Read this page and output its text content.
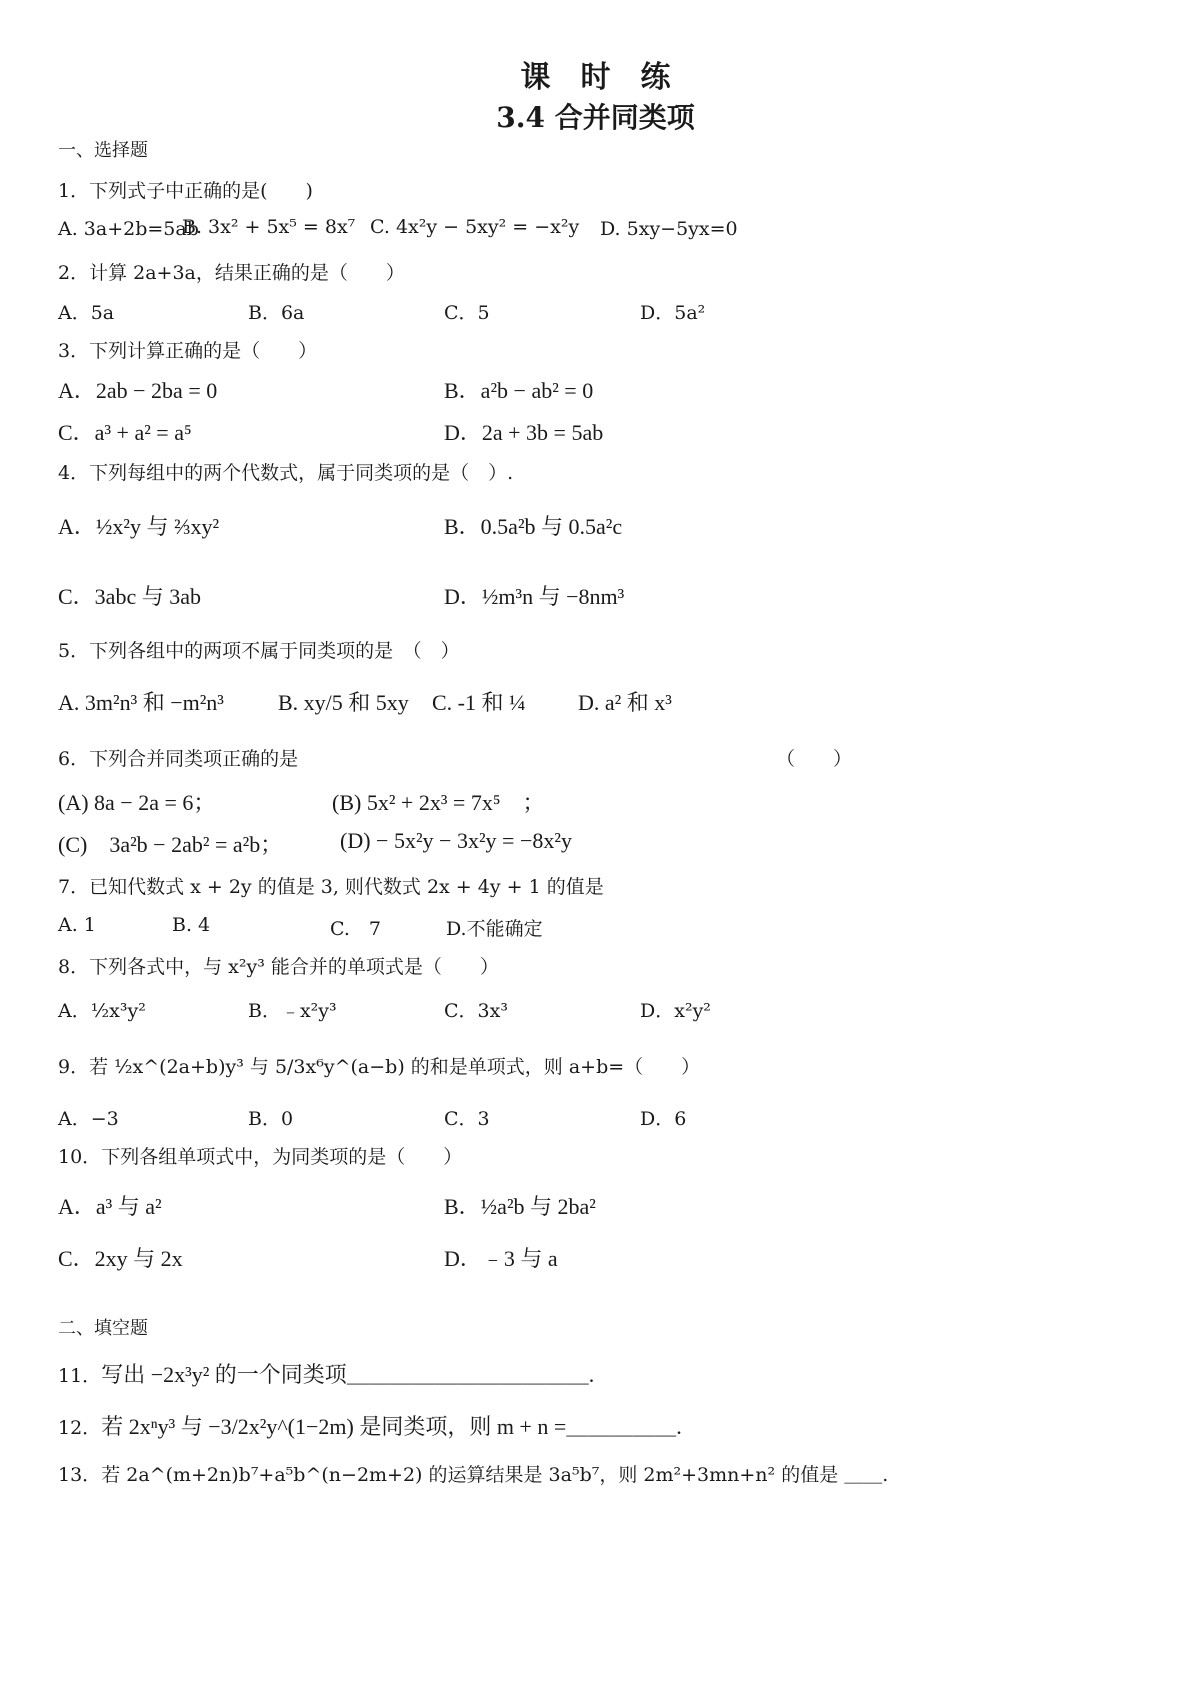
课　时　练
3.4 合并同类项
一、选择题
1．下列式子中正确的是(　　)
A. 3a+2b=5ab
B. 3x² + 5x⁵ = 8x⁷ C. 4x²y − 5xy² = −x²y D. 5xy−5yx=0
2．计算 2a+3a，结果正确的是（　　）
A．5a	B．6a	C．5	D．5a²
3．下列计算正确的是（　　）
A．2ab − 2ba = 0	B．a²b − ab² = 0
C．a³ + a² = a⁵	D．2a + 3b = 5ab
4．下列每组中的两个代数式，属于同类项的是（　）.
A．½x²y 与 ⅔xy²	B．0.5a²b 与 0.5a²c
C．3abc 与 3ab	D．½m³n 与 −8nm³
5．下列各组中的两项不属于同类项的是　（　）
A. 3m²n³ 和 −m²n³ B. xy/5 和 5xy C. -1 和 ¼ D. a² 和 x³
6．下列合并同类项正确的是	（　　）
(A) 8a − 2a = 6；	(B) 5x² + 2x³ = 7x⁵　；
(C)　3a²b − 2ab² = a²b；	(D) − 5x²y − 3x²y = −8x²y
7．已知代数式 x + 2y 的值是 3, 则代数式 2x + 4y + 1 的值是
A. 1	B. 4	C.　7	D.不能确定
8．下列各式中，与 x²y³ 能合并的单项式是（　　）
A．½x³y²	B．﹣x²y³	C．3x³	D．x²y²
9．若 ½x^(2a+b)y³ 与 5/3x⁶y^(a−b) 的和是单项式，则 a+b=（　　）
A．−3	B．0	C．3	D．6
10．下列各组单项式中，为同类项的是（　　）
A．a³ 与 a²	B．½a²b 与 2ba²
C．2xy 与 2x	D．﹣3 与 a
二、填空题
11．写出 −2x³y² 的一个同类项＿＿＿＿＿＿＿＿＿＿＿.
12．若 2xⁿy³ 与 −3/2x²y^(1−2m) 是同类项，则 m + n =＿＿＿＿＿.
13．若 2a^(m+2n)b⁷+a⁵b^(n−2m+2) 的运算结果是 3a⁵b⁷，则 2m²+3mn+n² 的值是 ＿＿.
